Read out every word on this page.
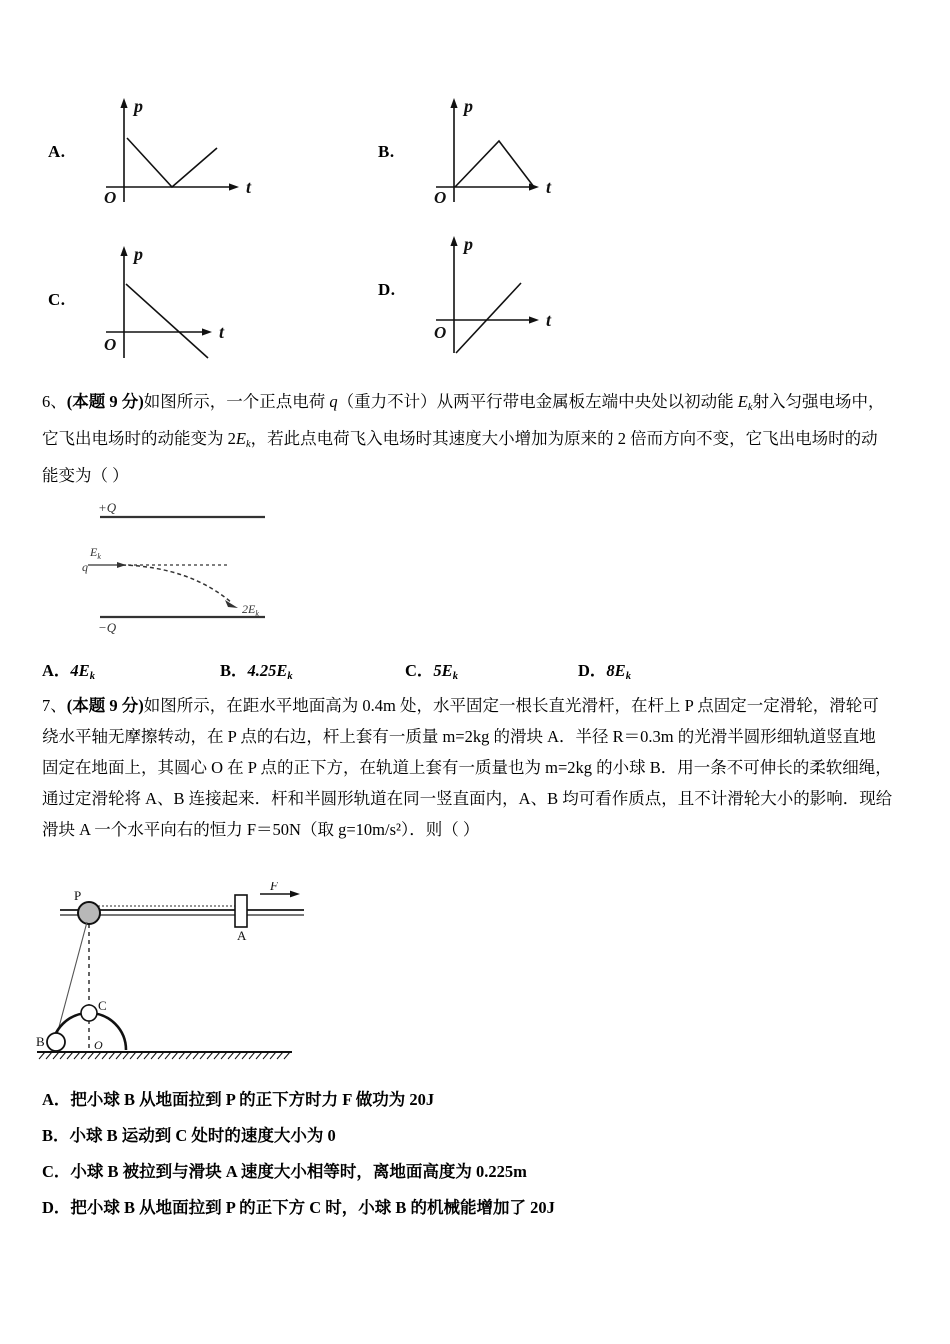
A.
p
t
O
B.
p
t
O
C.
p
t
O
D.
p
t
O
6、(本题 9 分)如图所示，一个正点电荷 q（重力不计）从两平行带电金属板左端中央处以初动能 $E_k$射入匀强电场中，
它飞出电场时的动能变为 $2E_k$，若此点电荷飞入电场时其速度大小增加为原来的 2 倍而方向不变，它飞出电场时的动
能变为（ ）
+Q
−Q
$E_k$
q
$2E_k$
A．$4E_k$	B．$4.25E_k$	C．$5E_k$	D．$8E_k$
7、(本题 9 分)如图所示，在距水平地面高为 0.4m 处，水平固定一根长直光滑杆，在杆上 P 点固定一定滑轮，滑轮可
绕水平轴无摩擦转动，在 P 点的右边，杆上套有一质量 m=2kg 的滑块 A．半径 R＝0.3m 的光滑半圆形细轨道竖直地
固定在地面上，其圆心 O 在 P 点的正下方，在轨道上套有一质量也为 m=2kg 的小球 B．用一条不可伸长的柔软细绳，
通过定滑轮将 A、B 连接起来．杆和半圆形轨道在同一竖直面内，A、B 均可看作质点，且不计滑轮大小的影响．现给
滑块 A 一个水平向右的恒力 F＝50N（取 g=10m/s²）．则（ ）
P
A
F
C
B	O
A．把小球 B 从地面拉到 P 的正下方时力 F 做功为 20J
B．小球 B 运动到 C 处时的速度大小为 0
C．小球 B 被拉到与滑块 A 速度大小相等时，离地面高度为 0.225m
D．把小球 B 从地面拉到 P 的正下方 C 时，小球 B 的机械能增加了 20J
